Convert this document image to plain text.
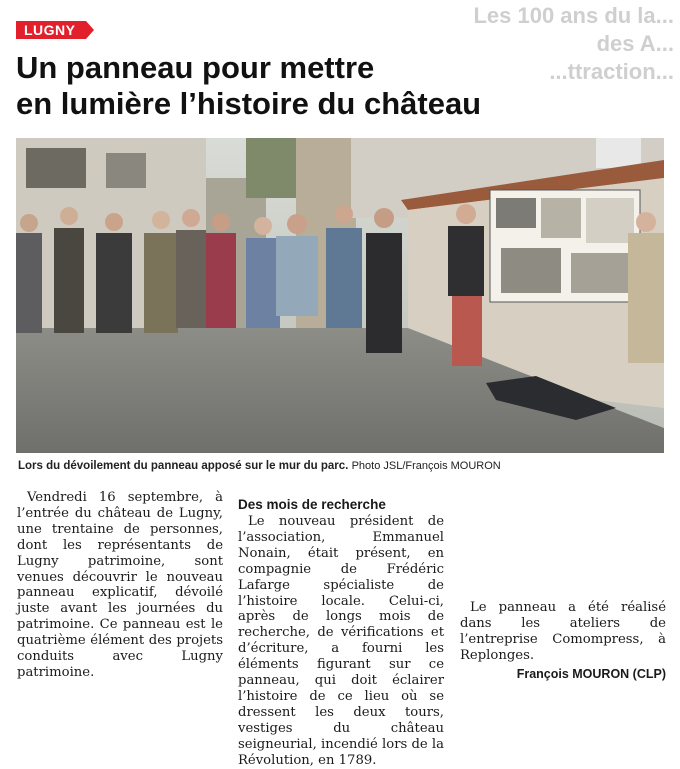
Les 100 ans du la... des A...
...ttraction...
LUGNY
Un panneau pour mettre
en lumière l’histoire du château
Lors du dévoilement du panneau apposé sur le mur du parc. Photo JSL/François MOURON

Vendredi 16 septembre, à l’entrée du château de Lugny, une trentaine de personnes, dont les représentants de Lugny patrimoine, sont venues découvrir le nouveau panneau explicatif, dévoilé juste avant les journées du patrimoine. Ce panneau est le quatrième élément des projets conduits avec Lugny patrimoine.

Des mois de recherche

Le nouveau président de l’association, Emmanuel Nonain, était présent, en compagnie de Frédéric Lafarge spécialiste de l’histoire locale. Celui-ci, après de longs mois de recherche, de vérifications et d’écriture, a fourni les éléments figurant sur ce panneau, qui doit éclairer l’histoire de ce lieu où se dressent les deux tours, vestiges du château seigneurial, incendié lors de la Révolution, en 1789.

Le panneau a été réalisé dans les ateliers de l’entreprise Comompress, à Replonges.

François MOURON (CLP)
